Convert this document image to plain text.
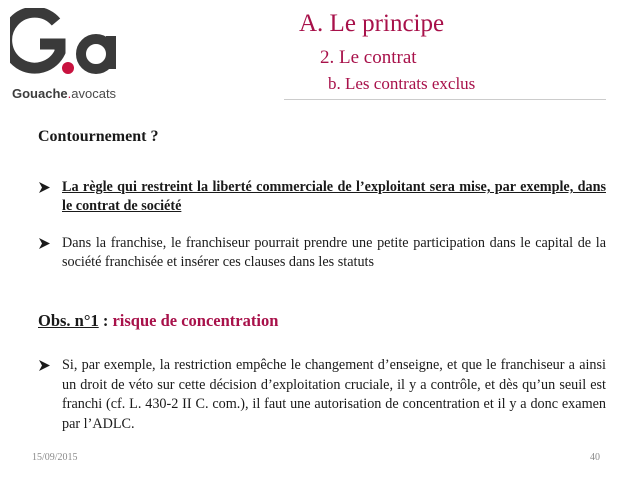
Gouache.avocats
A. Le principe
2. Le contrat
b. Les contrats exclus
Contournement ?
La règle qui restreint la liberté commerciale de l’exploitant sera mise, par exemple, dans le contrat de société
Dans la franchise, le franchiseur pourrait prendre une petite participation dans le capital de la société franchisée et insérer ces clauses dans les statuts
Obs. n°1 : risque de concentration
Si, par exemple, la restriction empêche le changement d’enseigne, et que le franchiseur a ainsi un droit de véto sur cette décision d’exploitation cruciale, il y a contrôle, et dès qu’un seuil est franchi (cf. L. 430-2 II C. com.), il faut une autorisation de concentration et il y a donc examen par l’ADLC.
15/09/2015	40
